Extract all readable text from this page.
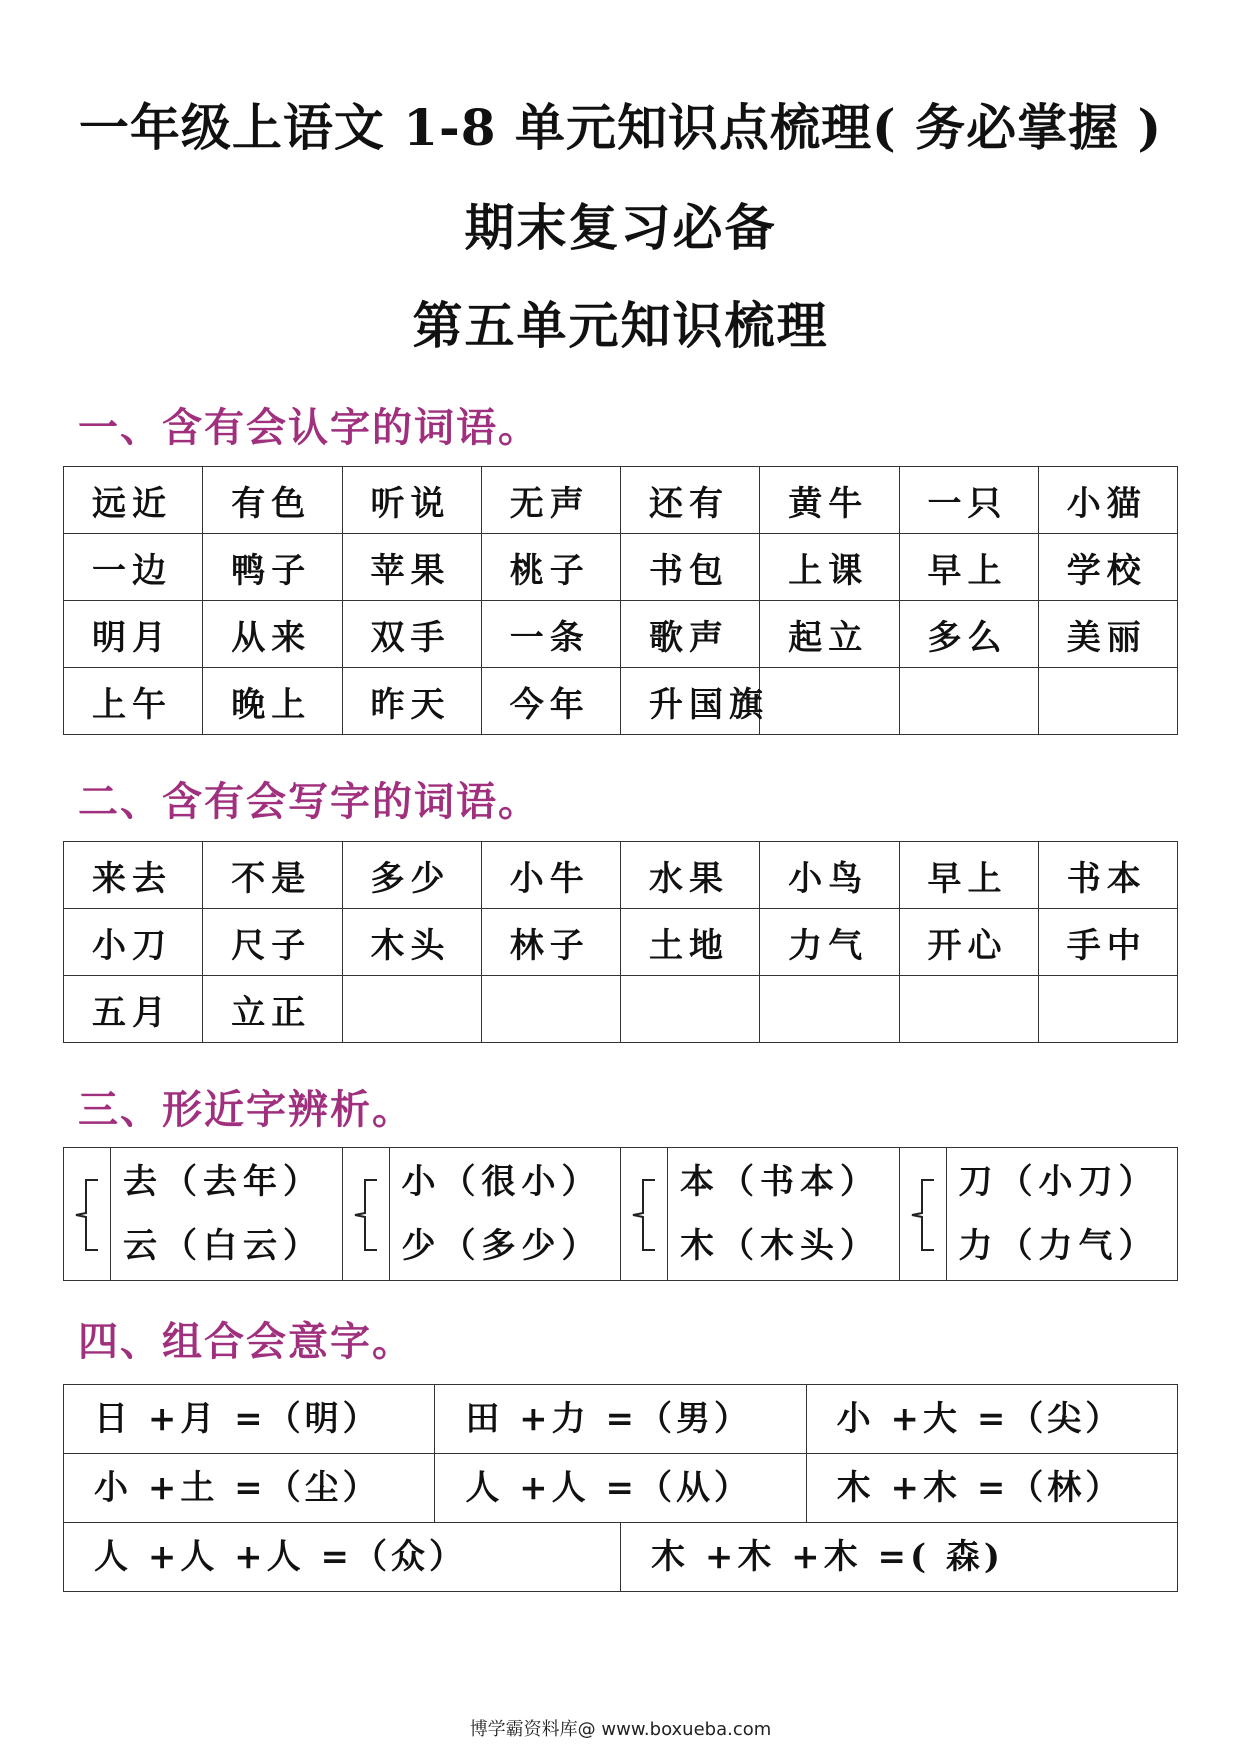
一年级上语文 1-8 单元知识点梳理( 务必掌握 )
期末复习必备
第五单元知识梳理
一、含有会认字的词语。
远近	有色	听说	无声	还有	黄牛	一只	小猫
一边	鸭子	苹果	桃子	书包	上课	早上	学校
明月	从来	双手	一条	歌声	起立	多么	美丽
上午	晚上	昨天	今年	升国旗			
二、含有会写字的词语。
来去	不是	多少	小牛	水果	小鸟	早上	书本
小刀	尺子	木头	林子	土地	力气	开心	手中
五月	立正						
三、形近字辨析。
去（去年）
云（白云）
小（很小）
少（多少）
本（书本）
木（木头）
刀（小刀）
力（力气）
四、组合会意字。
日 +月 =（明）	田 +力 =（男）	小 +大 =（尖）
小 +土 =（尘）	人 +人 =（从）	木 +木 =（林）
人 +人 +人 =（众）	木 +木 +木 =( 森)
博学霸资料库@ www.boxueba.com
